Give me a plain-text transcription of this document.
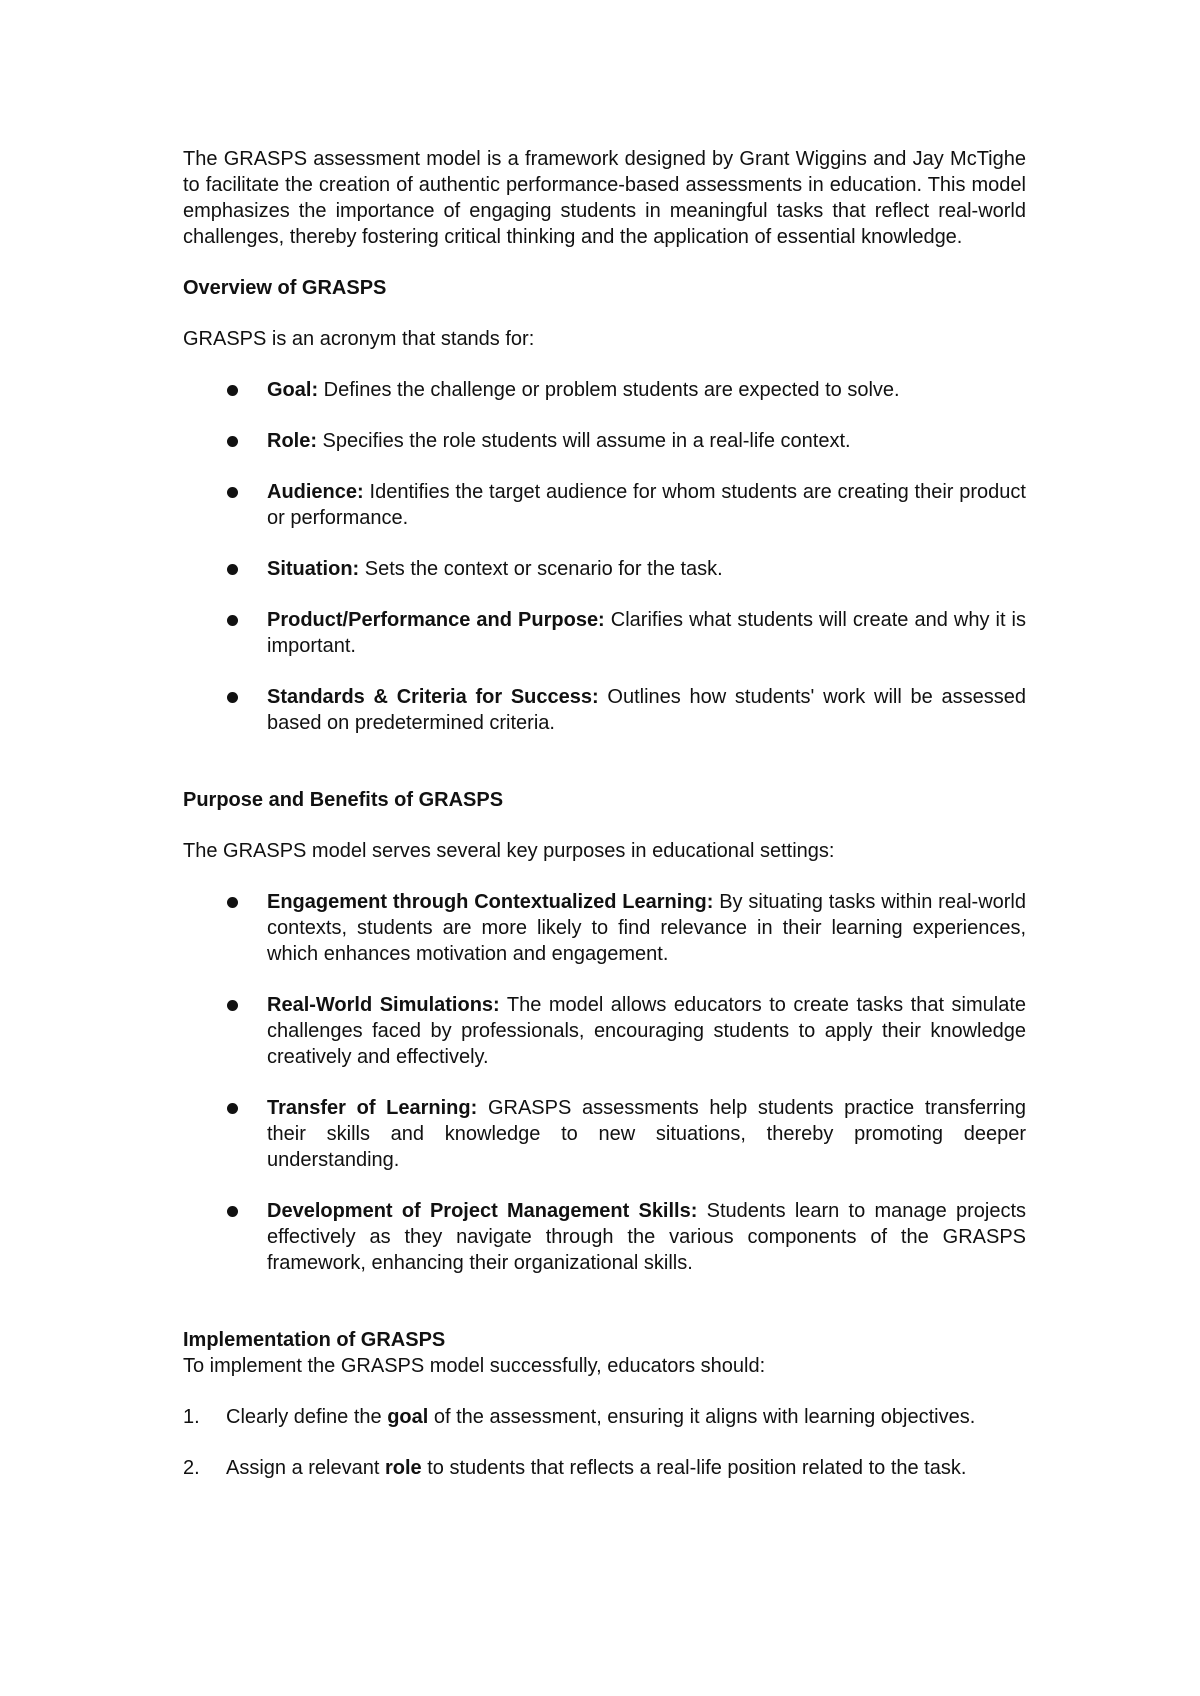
The GRASPS assessment model is a framework designed by Grant Wiggins and Jay McTighe to facilitate the creation of authentic performance-based assessments in education. This model emphasizes the importance of engaging students in meaningful tasks that reflect real-world challenges, thereby fostering critical thinking and the application of essential knowledge.

Overview of GRASPS

GRASPS is an acronym that stands for:

Goal: Defines the challenge or problem students are expected to solve.
Role: Specifies the role students will assume in a real-life context.
Audience: Identifies the target audience for whom students are creating their product or performance.
Situation: Sets the context or scenario for the task.
Product/Performance and Purpose: Clarifies what students will create and why it is important.
Standards & Criteria for Success: Outlines how students' work will be assessed based on predetermined criteria.

Purpose and Benefits of GRASPS

The GRASPS model serves several key purposes in educational settings:

Engagement through Contextualized Learning: By situating tasks within real-world contexts, students are more likely to find relevance in their learning experiences, which enhances motivation and engagement.
Real-World Simulations: The model allows educators to create tasks that simulate challenges faced by professionals, encouraging students to apply their knowledge creatively and effectively.
Transfer of Learning: GRASPS assessments help students practice transferring their skills and knowledge to new situations, thereby promoting deeper understanding.
Development of Project Management Skills: Students learn to manage projects effectively as they navigate through the various components of the GRASPS framework, enhancing their organizational skills.

Implementation of GRASPS

To implement the GRASPS model successfully, educators should:

1. Clearly define the goal of the assessment, ensuring it aligns with learning objectives.
2. Assign a relevant role to students that reflects a real-life position related to the task.
